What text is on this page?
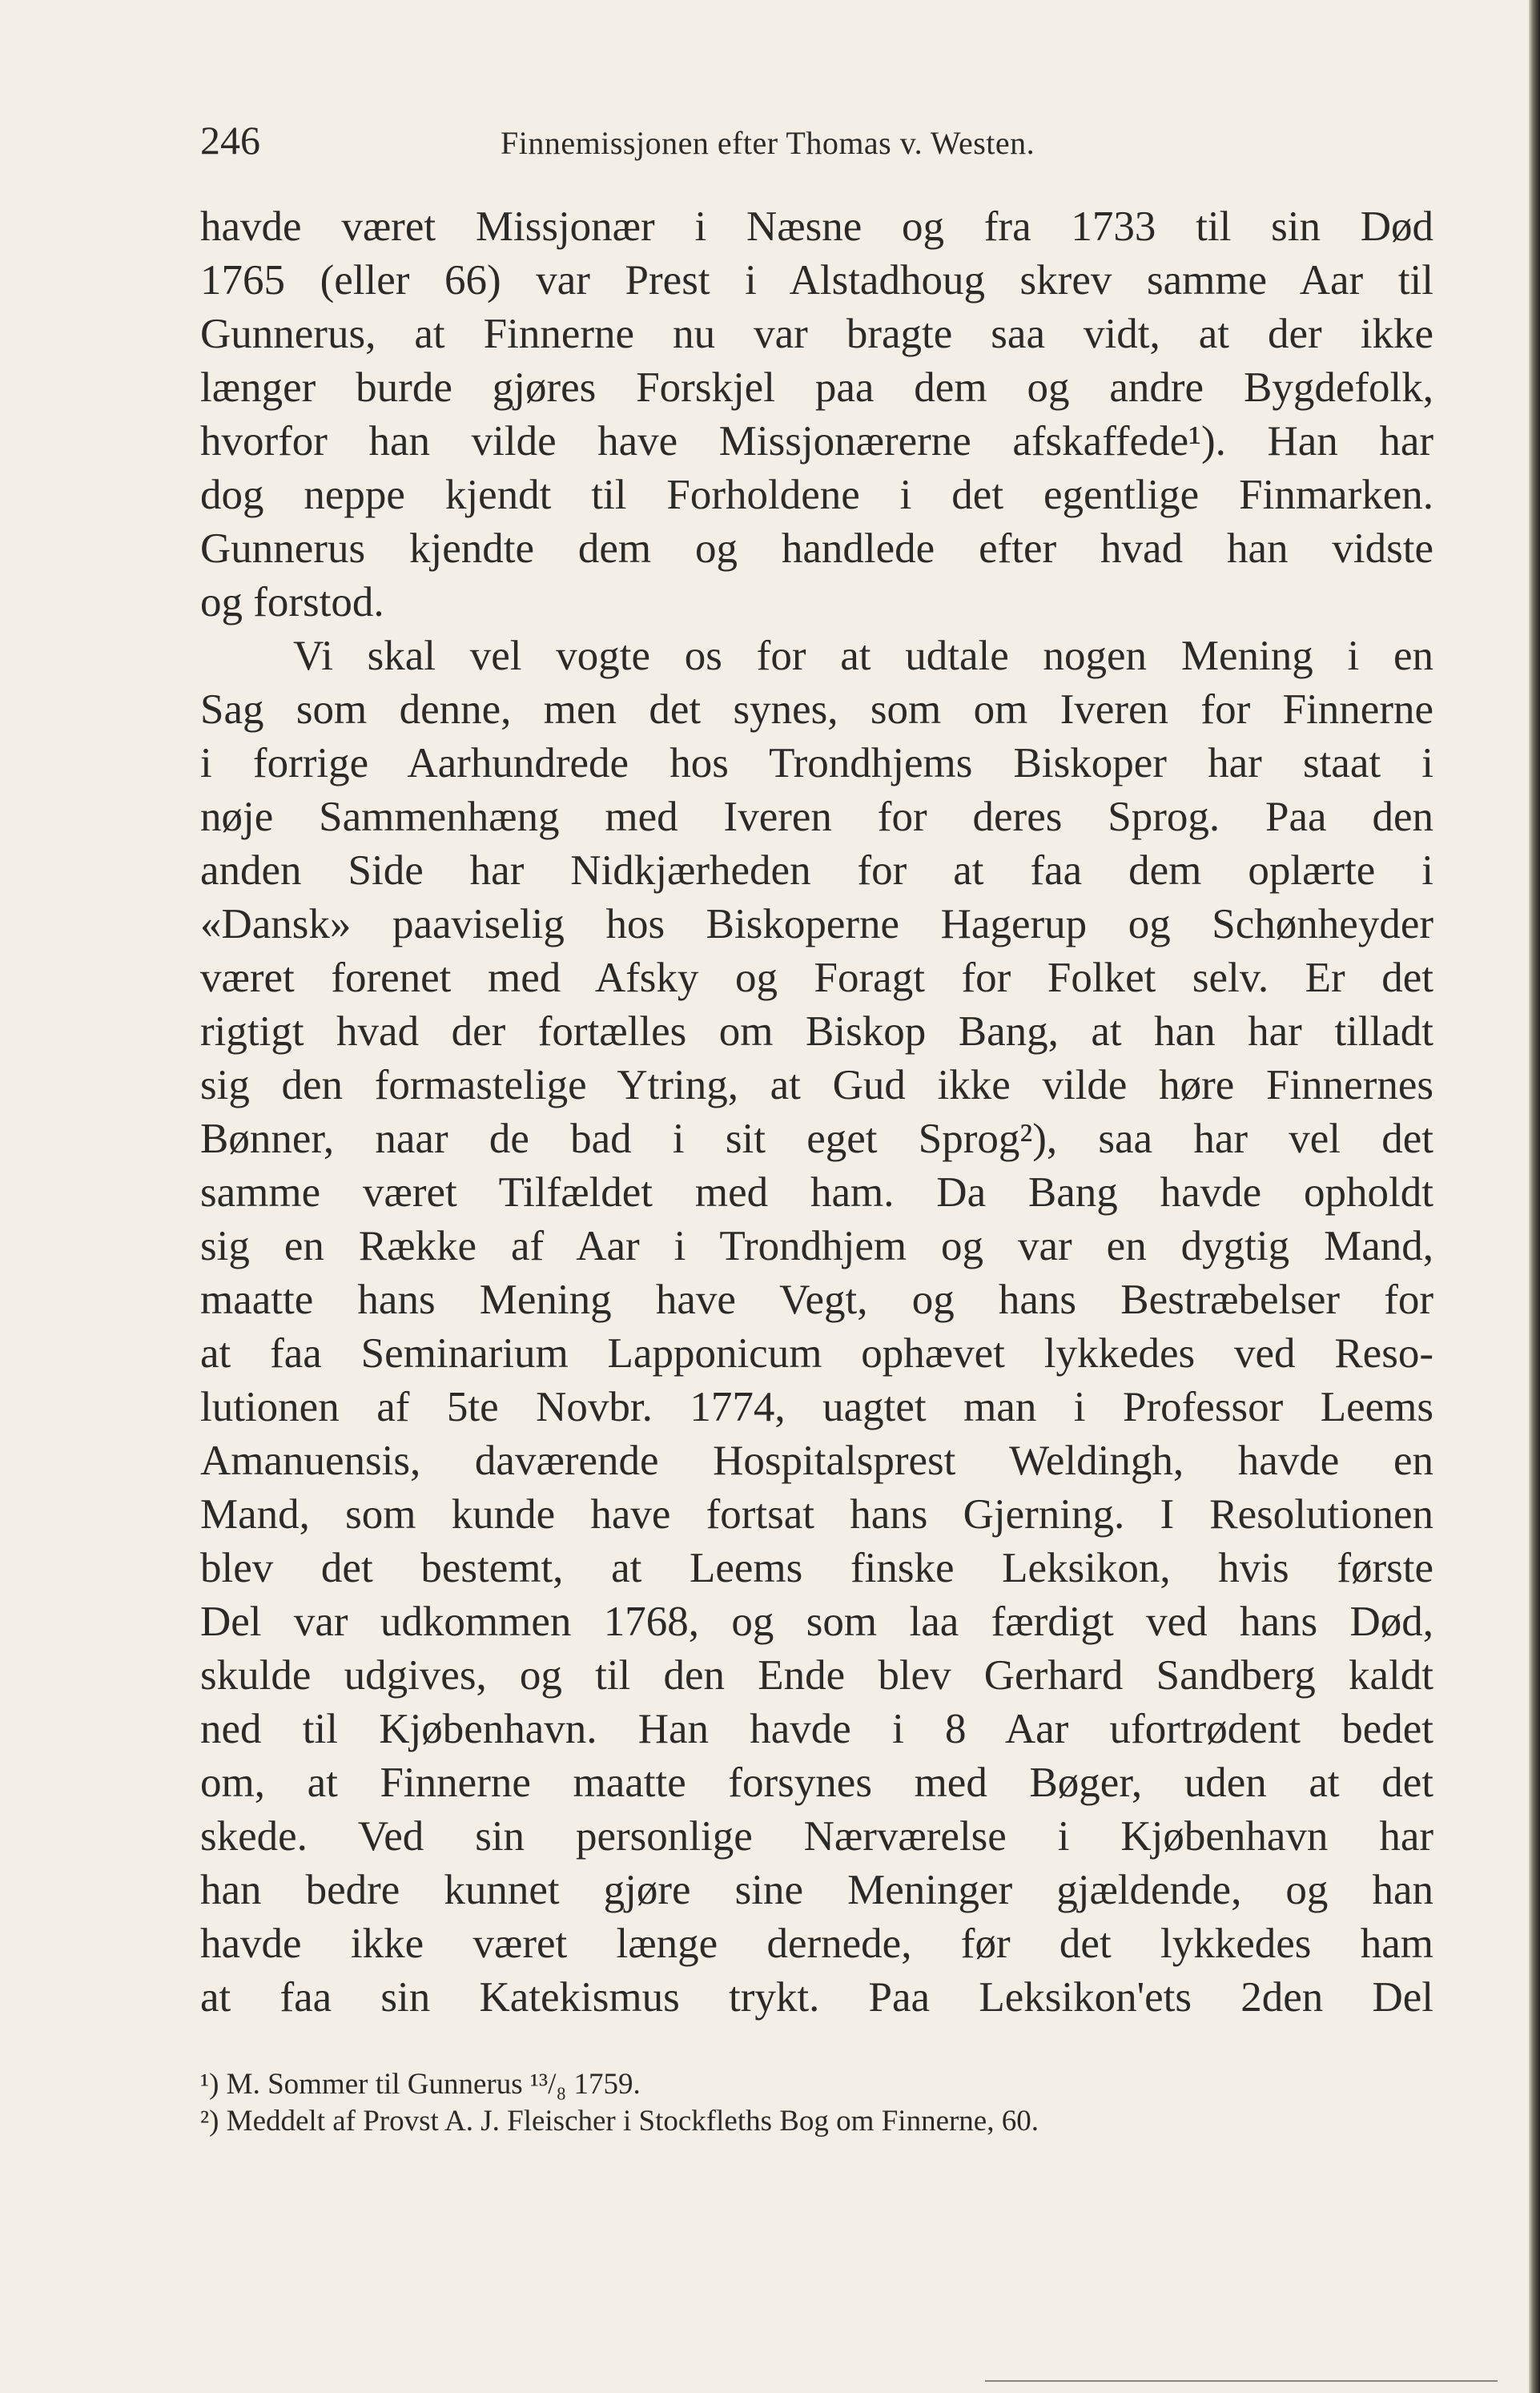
246	Finnemissjonen efter Thomas v. Westen.
havde været Missjonær i Næsne og fra 1733 til sin Død
1765 (eller 66) var Prest i Alstadhoug skrev samme Aar til
Gunnerus, at Finnerne nu var bragte saa vidt, at der ikke
længer burde gjøres Forskjel paa dem og andre Bygdefolk,
hvorfor han vilde have Missjonærerne afskaffede¹). Han har
dog neppe kjendt til Forholdene i det egentlige Finmarken.
Gunnerus kjendte dem og handlede efter hvad han vidste
og forstod.
Vi skal vel vogte os for at udtale nogen Mening i en
Sag som denne, men det synes, som om Iveren for Finnerne
i forrige Aarhundrede hos Trondhjems Biskoper har staat i
nøje Sammenhæng med Iveren for deres Sprog. Paa den
anden Side har Nidkjærheden for at faa dem oplærte i
«Dansk» paaviselig hos Biskoperne Hagerup og Schønheyder
været forenet med Afsky og Foragt for Folket selv. Er det
rigtigt hvad der fortælles om Biskop Bang, at han har tilladt
sig den formastelige Ytring, at Gud ikke vilde høre Finnernes
Bønner, naar de bad i sit eget Sprog²), saa har vel det
samme været Tilfældet med ham. Da Bang havde opholdt
sig en Række af Aar i Trondhjem og var en dygtig Mand,
maatte hans Mening have Vegt, og hans Bestræbelser for
at faa Seminarium Lapponicum ophævet lykkedes ved Reso-
lutionen af 5te Novbr. 1774, uagtet man i Professor Leems
Amanuensis, daværende Hospitalsprest Weldingh, havde en
Mand, som kunde have fortsat hans Gjerning. I Resolutionen
blev det bestemt, at Leems finske Leksikon, hvis første
Del var udkommen 1768, og som laa færdigt ved hans Død,
skulde udgives, og til den Ende blev Gerhard Sandberg kaldt
ned til Kjøbenhavn. Han havde i 8 Aar ufortrødent bedet
om, at Finnerne maatte forsynes med Bøger, uden at det
skede. Ved sin personlige Nærværelse i Kjøbenhavn har
han bedre kunnet gjøre sine Meninger gjældende, og han
havde ikke været længe dernede, før det lykkedes ham
at faa sin Katekismus trykt. Paa Leksikon'ets 2den Del
¹) M. Sommer til Gunnerus ¹³/₈ 1759.
²) Meddelt af Provst A. J. Fleischer i Stockfleths Bog om Finnerne, 60.
